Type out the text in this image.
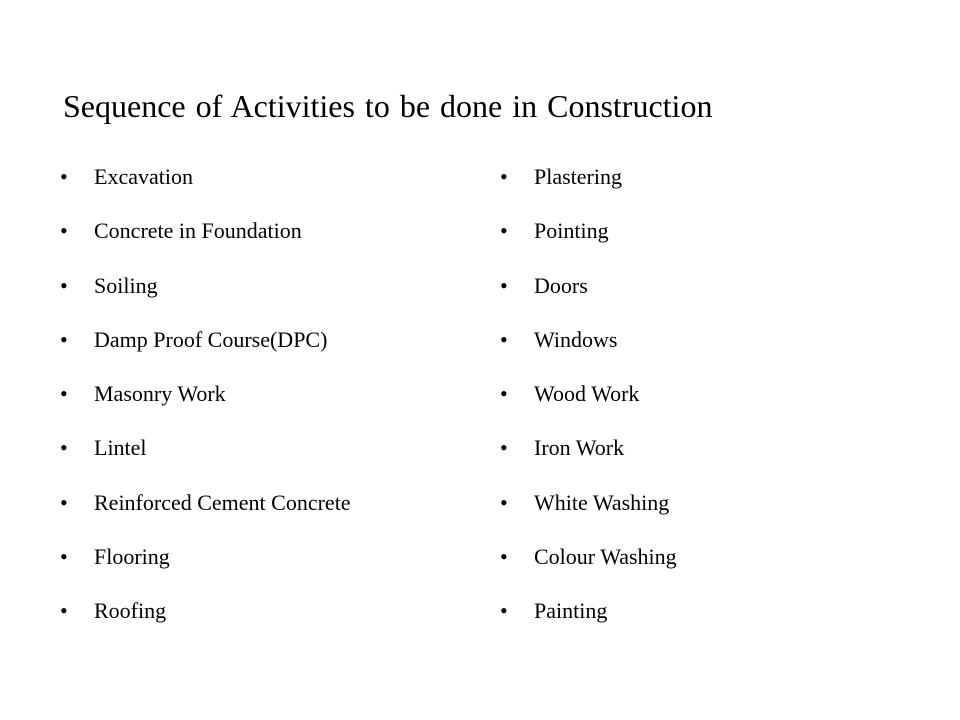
Sequence of Activities to be done in Construction
•	Excavation
•	Concrete in Foundation
•	Soiling
•	Damp Proof Course(DPC)
•	Masonry Work
•	Lintel
•	Reinforced Cement Concrete
•	Flooring
•	Roofing
•	Plastering
•	Pointing
•	Doors
•	Windows
•	Wood Work
•	Iron Work
•	White Washing
•	Colour Washing
•	Painting
